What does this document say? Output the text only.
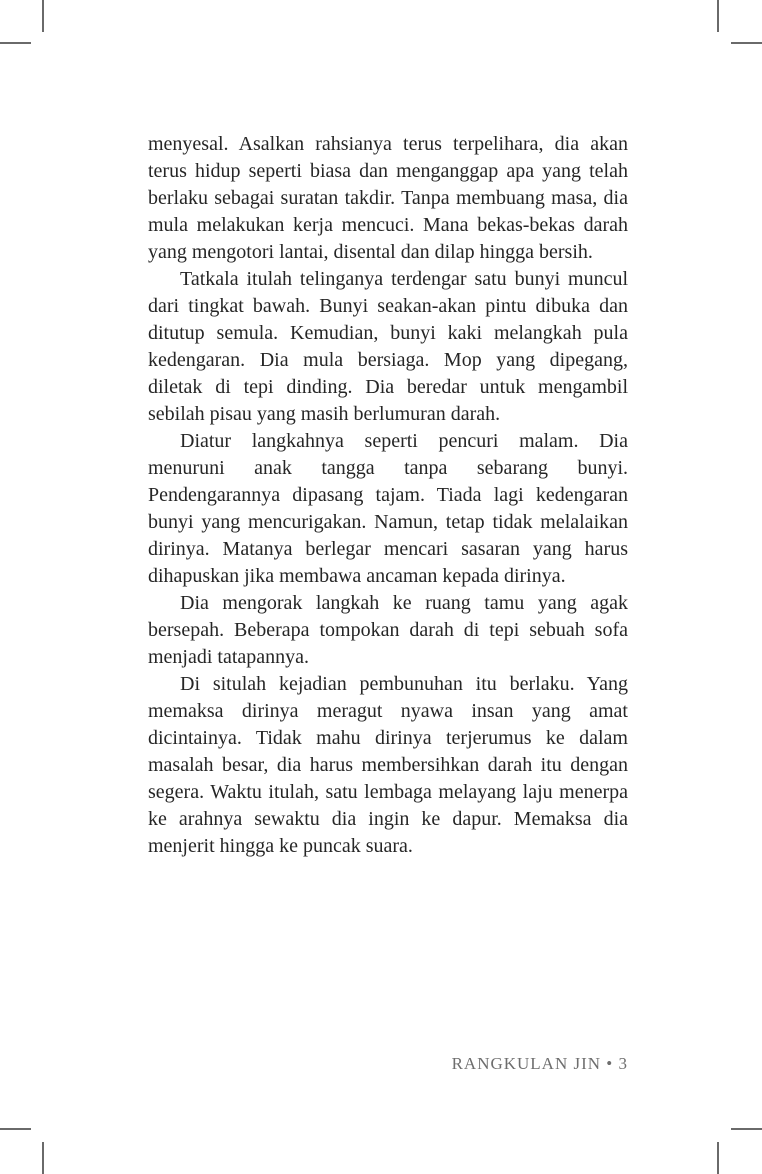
menyesal. Asalkan rahsianya terus terpelihara, dia akan terus hidup seperti biasa dan menganggap apa yang telah berlaku sebagai suratan takdir. Tanpa membuang masa, dia mula melakukan kerja mencuci. Mana bekas-bekas darah yang mengotori lantai, disental dan dilap hingga bersih.

Tatkala itulah telinganya terdengar satu bunyi muncul dari tingkat bawah. Bunyi seakan-akan pintu dibuka dan ditutup semula. Kemudian, bunyi kaki melangkah pula kedengaran. Dia mula bersiaga. Mop yang dipegang, diletak di tepi dinding. Dia beredar untuk mengambil sebilah pisau yang masih berlumuran darah.

Diatur langkahnya seperti pencuri malam. Dia menuruni anak tangga tanpa sebarang bunyi. Pendengarannya dipasang tajam. Tiada lagi kedengaran bunyi yang mencurigakan. Namun, tetap tidak melalaikan dirinya. Matanya berlegar mencari sasaran yang harus dihapuskan jika membawa ancaman kepada dirinya.

Dia mengorak langkah ke ruang tamu yang agak bersepah. Beberapa tompokan darah di tepi sebuah sofa menjadi tatapannya.

Di situlah kejadian pembunuhan itu berlaku. Yang memaksa dirinya meragut nyawa insan yang amat dicintainya. Tidak mahu dirinya terjerumus ke dalam masalah besar, dia harus membersihkan darah itu dengan segera. Waktu itulah, satu lembaga melayang laju menerpa ke arahnya sewaktu dia ingin ke dapur. Memaksa dia menjerit hingga ke puncak suara.

RANGKULAN JIN • 3
